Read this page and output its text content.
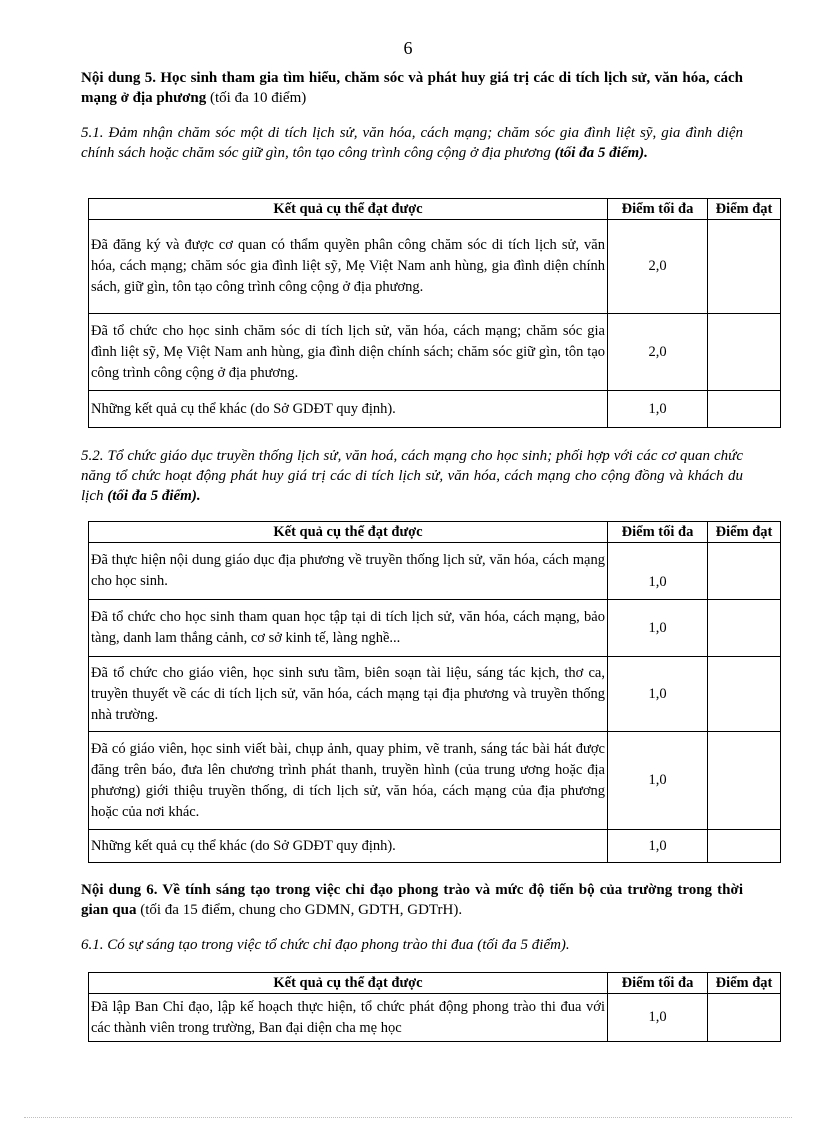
6
Nội dung 5. Học sinh tham gia tìm hiểu, chăm sóc và phát huy giá trị các di tích lịch sử, văn hóa, cách mạng ở địa phương (tối đa 10 điểm)
5.1. Đảm nhận chăm sóc một di tích lịch sử, văn hóa, cách mạng; chăm sóc gia đình liệt sỹ, gia đình diện chính sách hoặc chăm sóc giữ gìn, tôn tạo công trình công cộng ở địa phương (tối đa 5 điểm).
Kết quả cụ thể đạt được	Điểm tối đa	Điểm đạt
Đã đăng ký và được cơ quan có thẩm quyền phân công chăm sóc di tích lịch sử, văn hóa, cách mạng; chăm sóc gia đình liệt sỹ, Mẹ Việt Nam anh hùng, gia đình diện chính sách, giữ gìn, tôn tạo công trình công cộng ở địa phương.	2,0	
Đã tổ chức cho học sinh chăm sóc di tích lịch sử, văn hóa, cách mạng; chăm sóc gia đình liệt sỹ, Mẹ Việt Nam anh hùng, gia đình diện chính sách; chăm sóc giữ gìn, tôn tạo công trình công cộng ở địa phương.	2,0	
Những kết quả cụ thể khác (do Sở GDĐT quy định).	1,0	
5.2. Tổ chức giáo dục truyền thống lịch sử, văn hoá, cách mạng cho học sinh; phối hợp với các cơ quan chức năng tổ chức hoạt động phát huy giá trị các di tích lịch sử, văn hóa, cách mạng cho cộng đồng và khách du lịch (tối đa 5 điểm).
Kết quả cụ thể đạt được	Điểm tối đa	Điểm đạt
Đã thực hiện nội dung giáo dục địa phương về truyền thống lịch sử, văn hóa, cách mạng cho học sinh.	1,0	
Đã tổ chức cho học sinh tham quan học tập tại di tích lịch sử, văn hóa, cách mạng, bảo tàng, danh lam thắng cảnh, cơ sở kinh tế, làng nghề...	1,0	
Đã tổ chức cho giáo viên, học sinh sưu tầm, biên soạn tài liệu, sáng tác kịch, thơ ca, truyền thuyết về các di tích lịch sử, văn hóa, cách mạng tại địa phương và truyền thống nhà trường.	1,0	
Đã có giáo viên, học sinh viết bài, chụp ảnh, quay phim, vẽ tranh, sáng tác bài hát được đăng trên báo, đưa lên chương trình phát thanh, truyền hình (của trung ương hoặc địa phương) giới thiệu truyền thống, di tích lịch sử, văn hóa, cách mạng của địa phương hoặc của nơi khác.	1,0	
Những kết quả cụ thể khác (do Sở GDĐT quy định).	1,0	
Nội dung 6. Về tính sáng tạo trong việc chỉ đạo phong trào và mức độ tiến bộ của trường trong thời gian qua (tối đa 15 điểm, chung cho GDMN, GDTH, GDTrH).
6.1. Có sự sáng tạo trong việc tổ chức chỉ đạo phong trào thi đua (tối đa 5 điểm).
Kết quả cụ thể đạt được	Điểm tối đa	Điểm đạt
Đã lập Ban Chỉ đạo, lập kế hoạch thực hiện, tổ chức phát động phong trào thi đua với các thành viên trong trường, Ban đại diện cha mẹ học	1,0	
